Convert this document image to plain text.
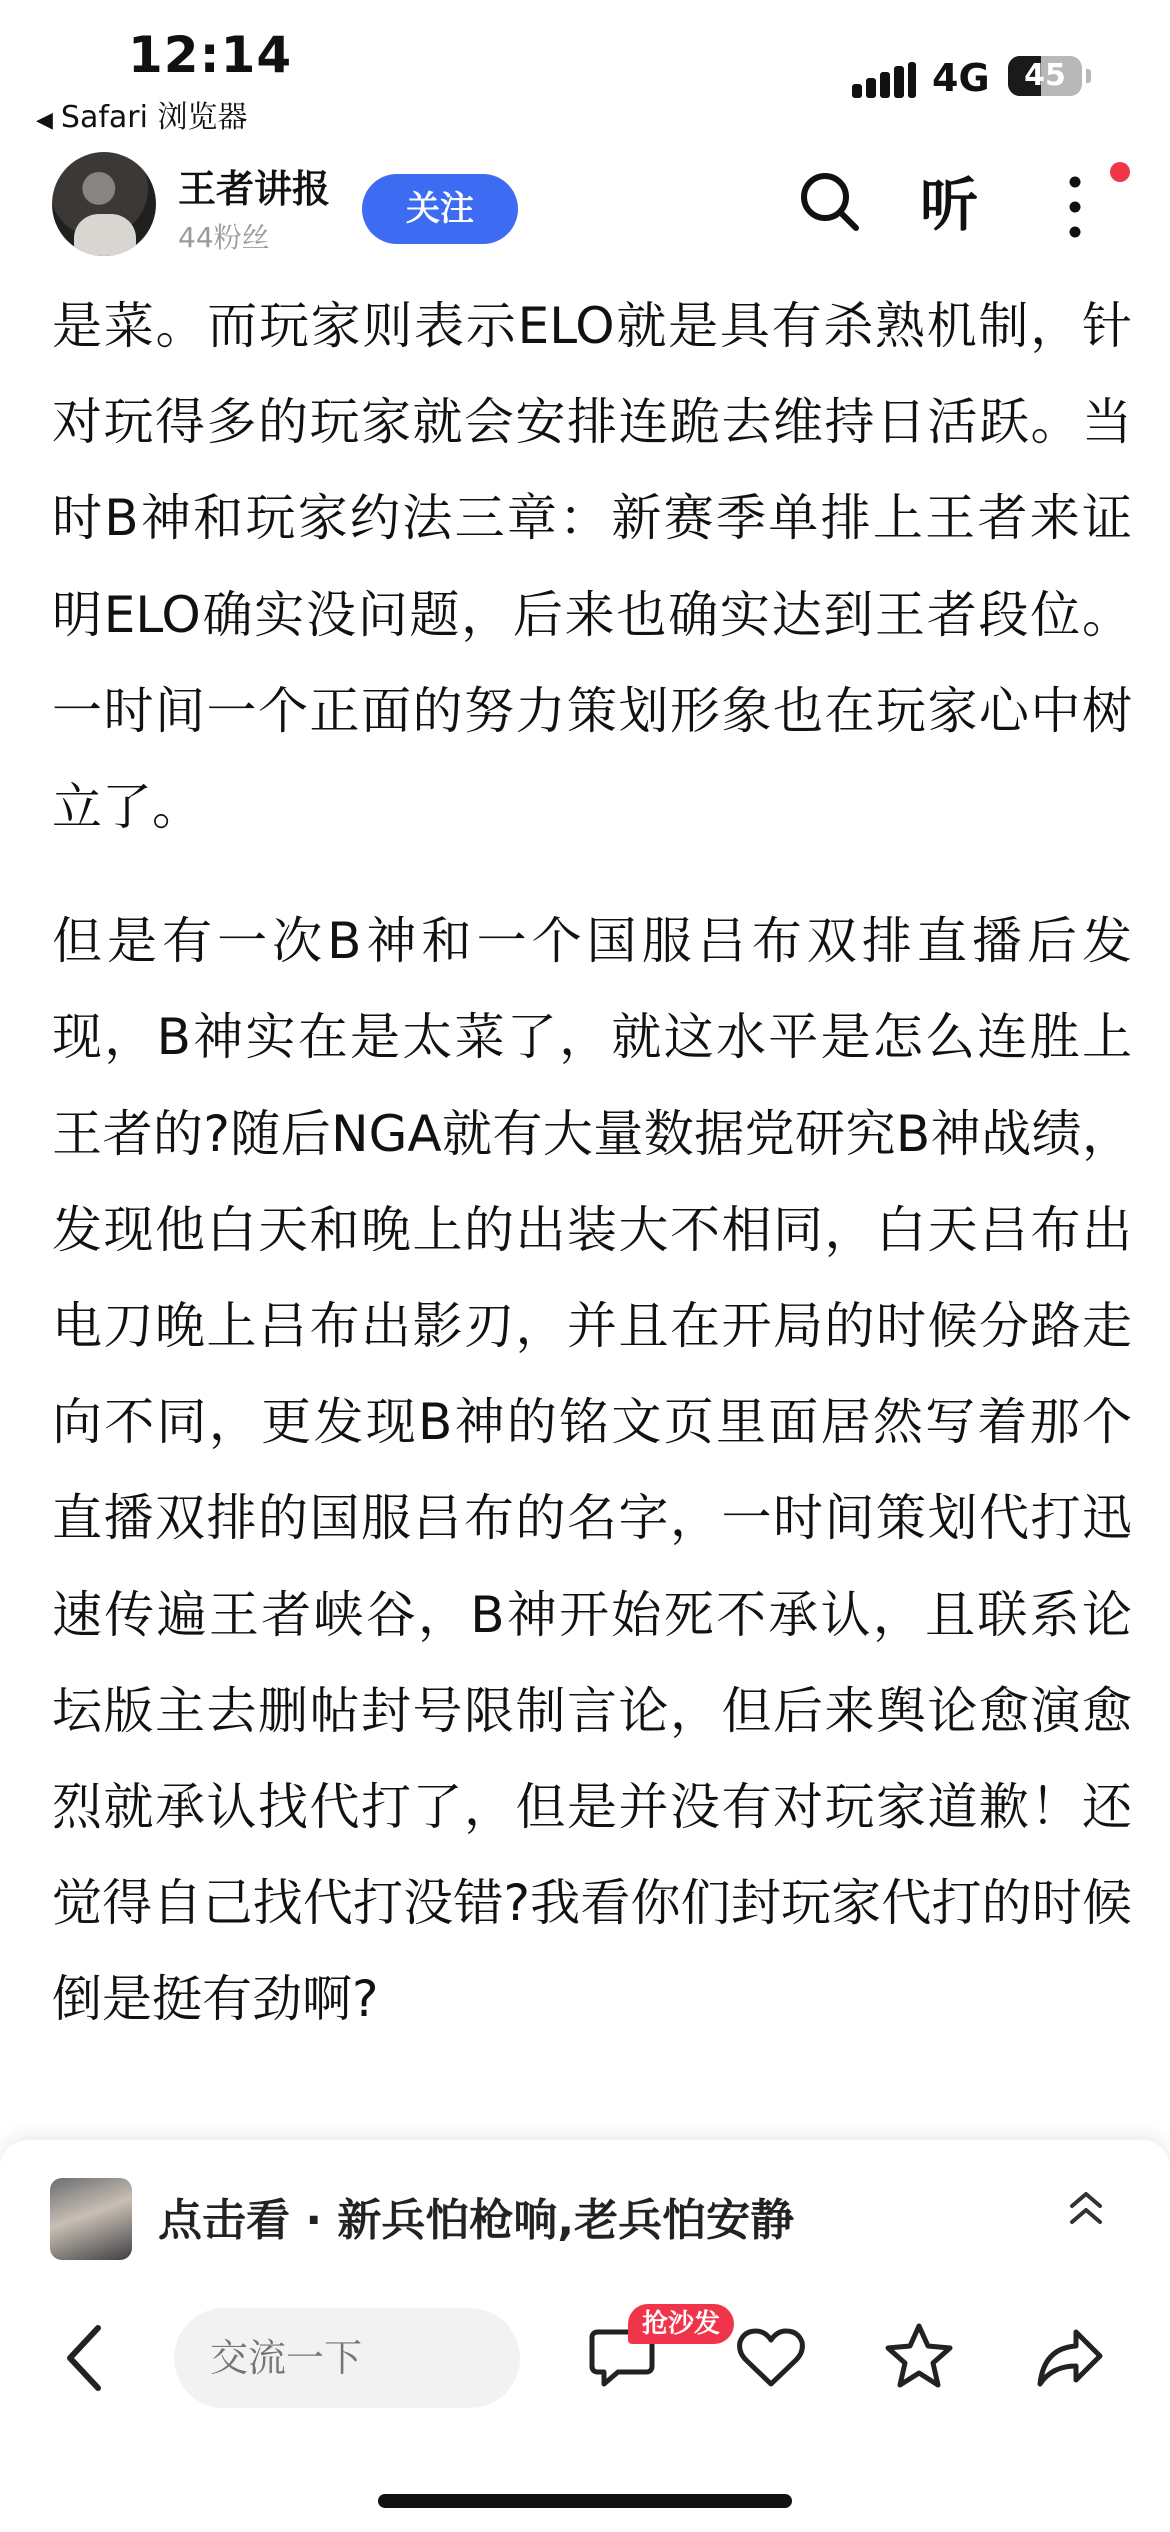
12:14
◀ Safari 浏览器
4G	45
王者讲报
44粉丝
关注	听

是菜。而玩家则表示ELO就是具有杀熟机制，针对玩得多的玩家就会安排连跪去维持日活跃。当时B神和玩家约法三章：新赛季单排上王者来证明ELO确实没问题，后来也确实达到王者段位。一时间一个正面的努力策划形象也在玩家心中树立了。

但是有一次B神和一个国服吕布双排直播后发现，B神实在是太菜了，就这水平是怎么连胜上王者的?随后NGA就有大量数据党研究B神战绩，发现他白天和晚上的出装大不相同，白天吕布出电刀晚上吕布出影刃，并且在开局的时候分路走向不同，更发现B神的铭文页里面居然写着那个直播双排的国服吕布的名字，一时间策划代打迅速传遍王者峡谷，B神开始死不承认，且联系论坛版主去删帖封号限制言论，但后来舆论愈演愈烈就承认找代打了，但是并没有对玩家道歉！还觉得自己找代打没错?我看你们封玩家代打的时候倒是挺有劲啊?

点击看 · 新兵怕枪响,老兵怕安静
交流一下
抢沙发
